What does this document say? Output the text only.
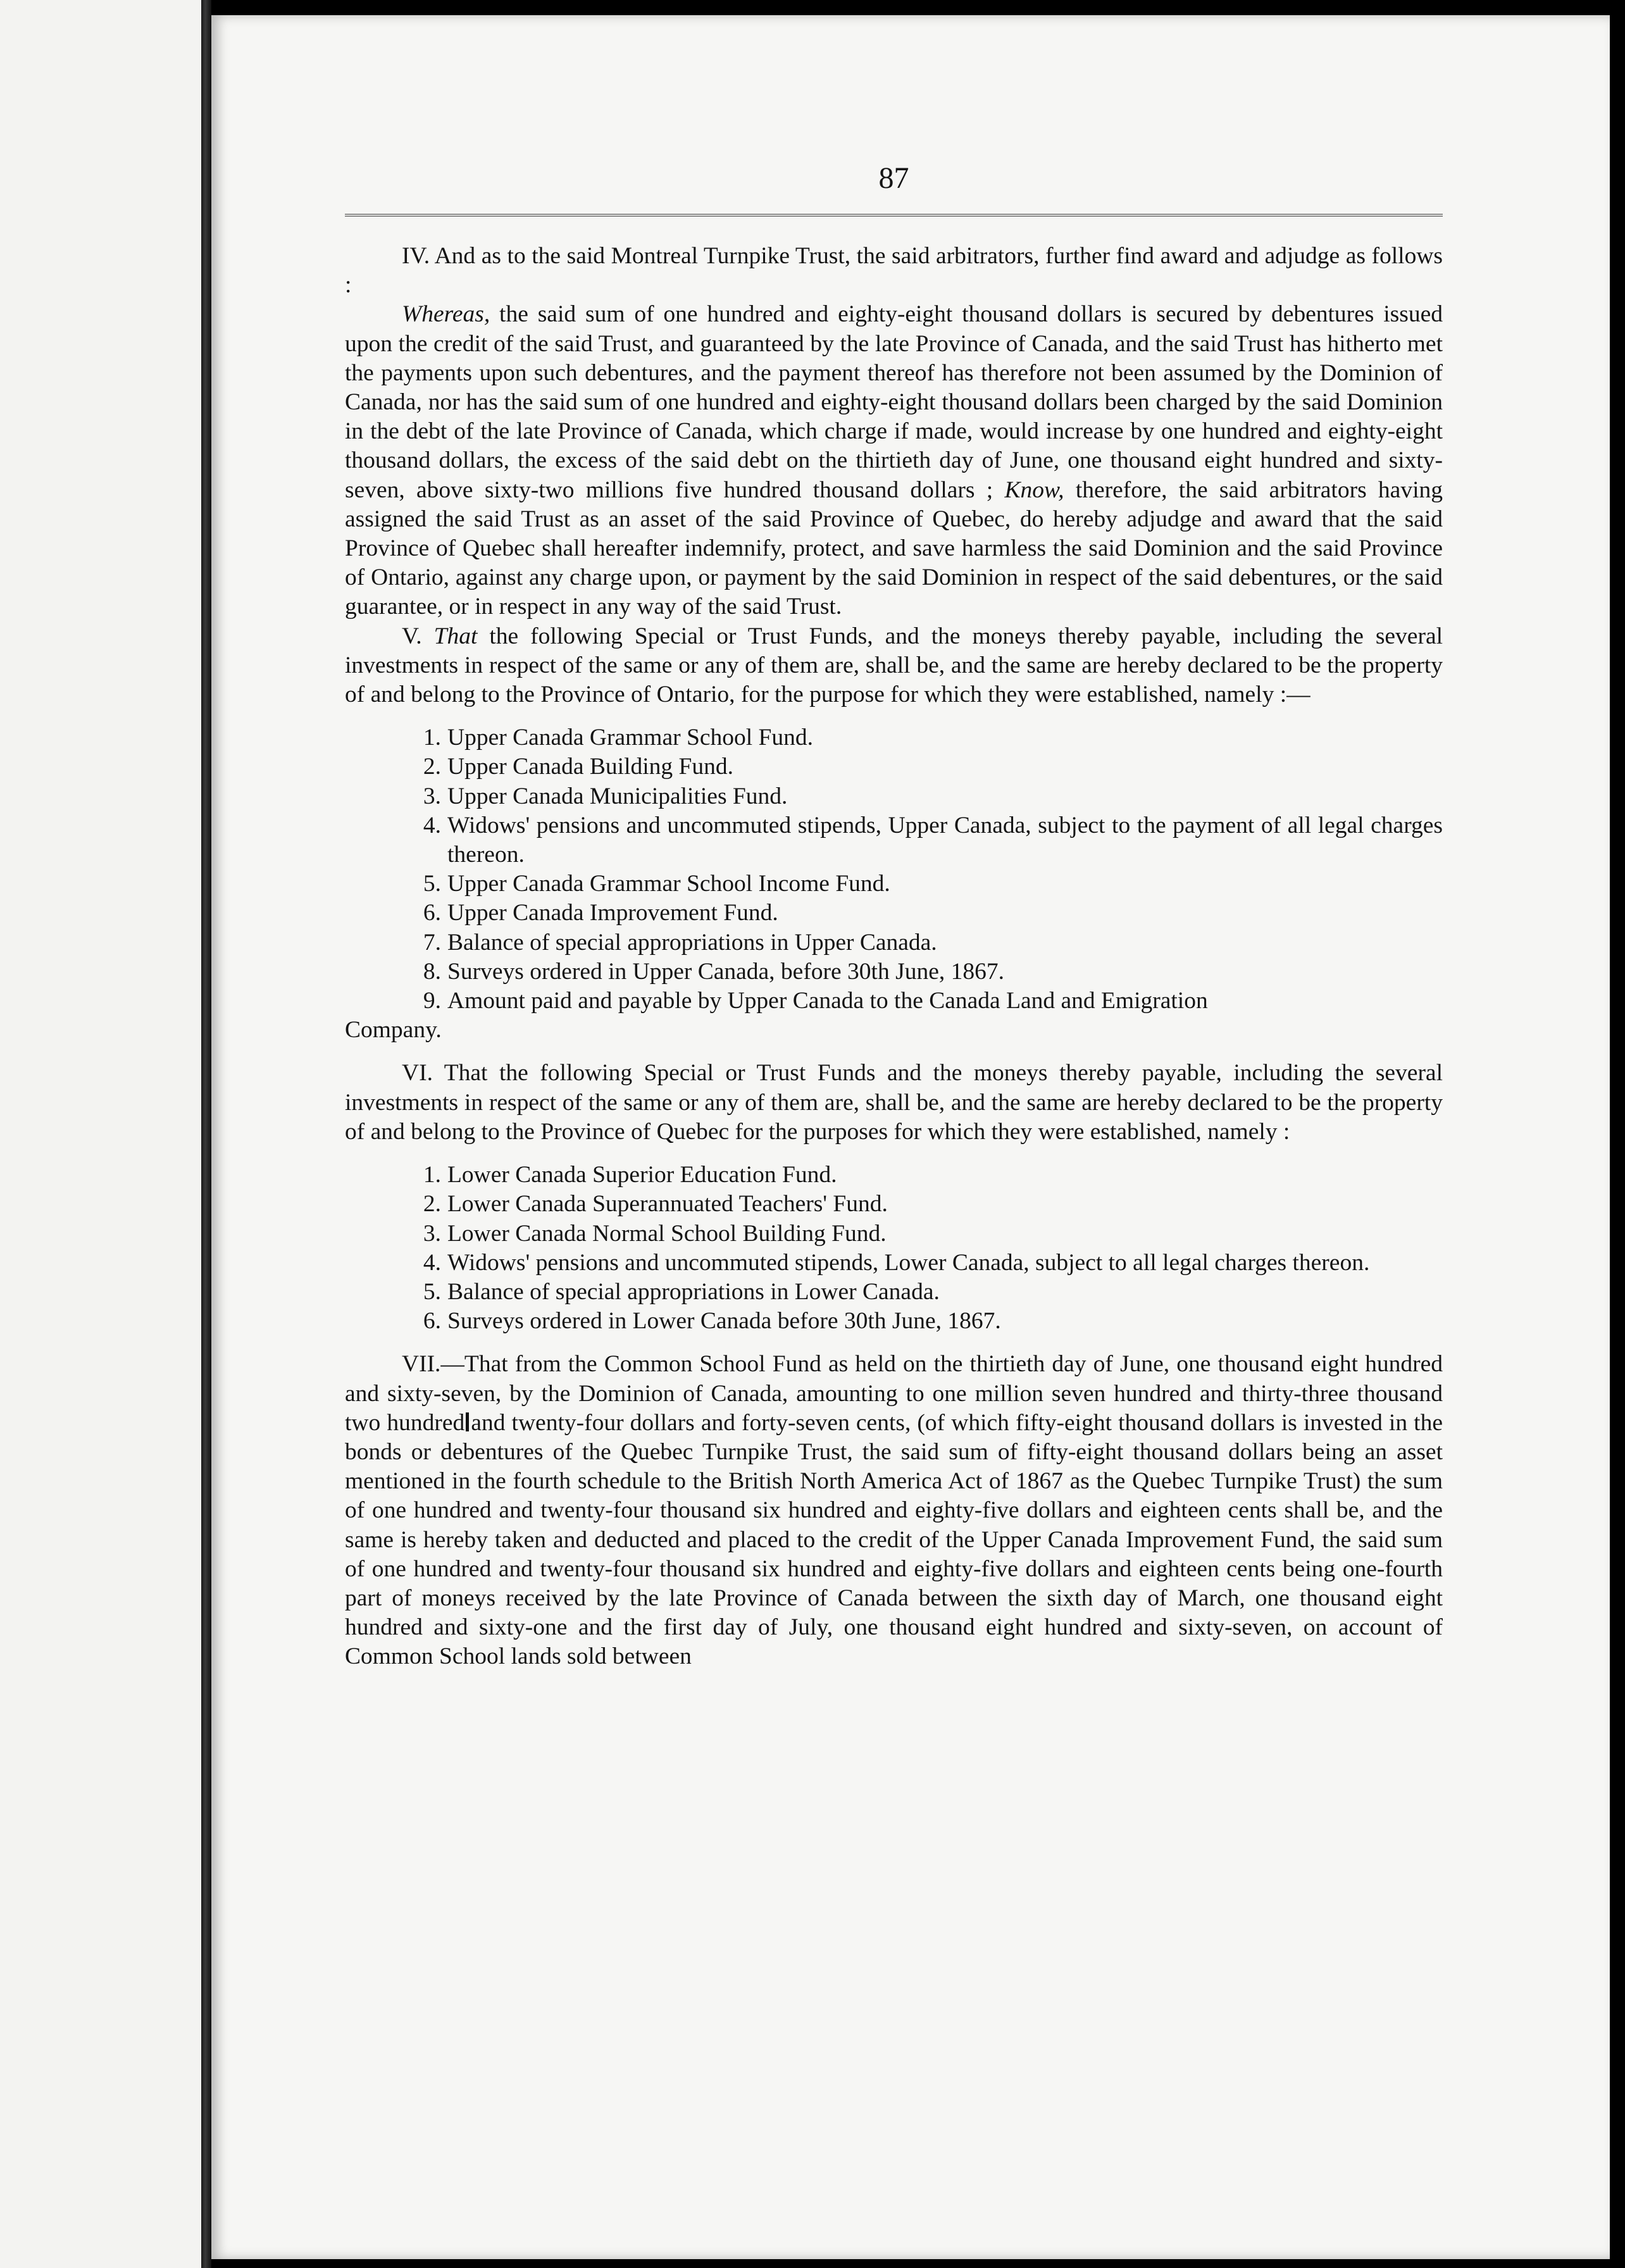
87

IV. And as to the said Montreal Turnpike Trust, the said arbitrators, further find award and adjudge as follows :

Whereas, the said sum of one hundred and eighty-eight thousand dollars is secured by debentures issued upon the credit of the said Trust, and guaranteed by the late Province of Canada, and the said Trust has hitherto met the payments upon such debentures, and the payment thereof has therefore not been assumed by the Dominion of Canada, nor has the said sum of one hundred and eighty-eight thousand dollars been charged by the said Dominion in the debt of the late Province of Canada, which charge if made, would increase by one hundred and eighty-eight thousand dollars, the excess of the said debt on the thirtieth day of June, one thousand eight hundred and sixty-seven, above sixty-two millions five hundred thousand dollars ; Know, therefore, the said arbitrators having assigned the said Trust as an asset of the said Province of Quebec, do hereby adjudge and award that the said Province of Quebec shall hereafter indemnify, protect, and save harmless the said Dominion and the said Province of Ontario, against any charge upon, or payment by the said Dominion in respect of the said debentures, or the said guarantee, or in respect in any way of the said Trust.

V. That the following Special or Trust Funds, and the moneys thereby payable, including the several investments in respect of the same or any of them are, shall be, and the same are hereby declared to be the property of and belong to the Province of Ontario, for the purpose for which they were established, namely :—

1. Upper Canada Grammar School Fund.
2. Upper Canada Building Fund.
3. Upper Canada Municipalities Fund.
4. Widows' pensions and uncommuted stipends, Upper Canada, subject to the payment of all legal charges thereon.
5. Upper Canada Grammar School Income Fund.
6. Upper Canada Improvement Fund.
7. Balance of special appropriations in Upper Canada.
8. Surveys ordered in Upper Canada, before 30th June, 1867.
9. Amount paid and payable by Upper Canada to the Canada Land and Emigration
Company.

VI. That the following Special or Trust Funds and the moneys thereby payable, including the several investments in respect of the same or any of them are, shall be, and the same are hereby declared to be the property of and belong to the Province of Quebec for the purposes for which they were established, namely :

1. Lower Canada Superior Education Fund.
2. Lower Canada Superannuated Teachers' Fund.
3. Lower Canada Normal School Building Fund.
4. Widows' pensions and uncommuted stipends, Lower Canada, subject to all legal charges thereon.
5. Balance of special appropriations in Lower Canada.
6. Surveys ordered in Lower Canada before 30th June, 1867.

VII.—That from the Common School Fund as held on the thirtieth day of June, one thousand eight hundred and sixty-seven, by the Dominion of Canada, amounting to one million seven hundred and thirty-three thousand two hundred and twenty-four dollars and forty-seven cents, (of which fifty-eight thousand dollars is invested in the bonds or debentures of the Quebec Turnpike Trust, the said sum of fifty-eight thousand dollars being an asset mentioned in the fourth schedule to the British North America Act of 1867 as the Quebec Turnpike Trust) the sum of one hundred and twenty-four thousand six hundred and eighty-five dollars and eighteen cents shall be, and the same is hereby taken and deducted and placed to the credit of the Upper Canada Improvement Fund, the said sum of one hundred and twenty-four thousand six hundred and eighty-five dollars and eighteen cents being one-fourth part of moneys received by the late Province of Canada between the sixth day of March, one thousand eight hundred and sixty-one and the first day of July, one thousand eight hundred and sixty-seven, on account of Common School lands sold between
